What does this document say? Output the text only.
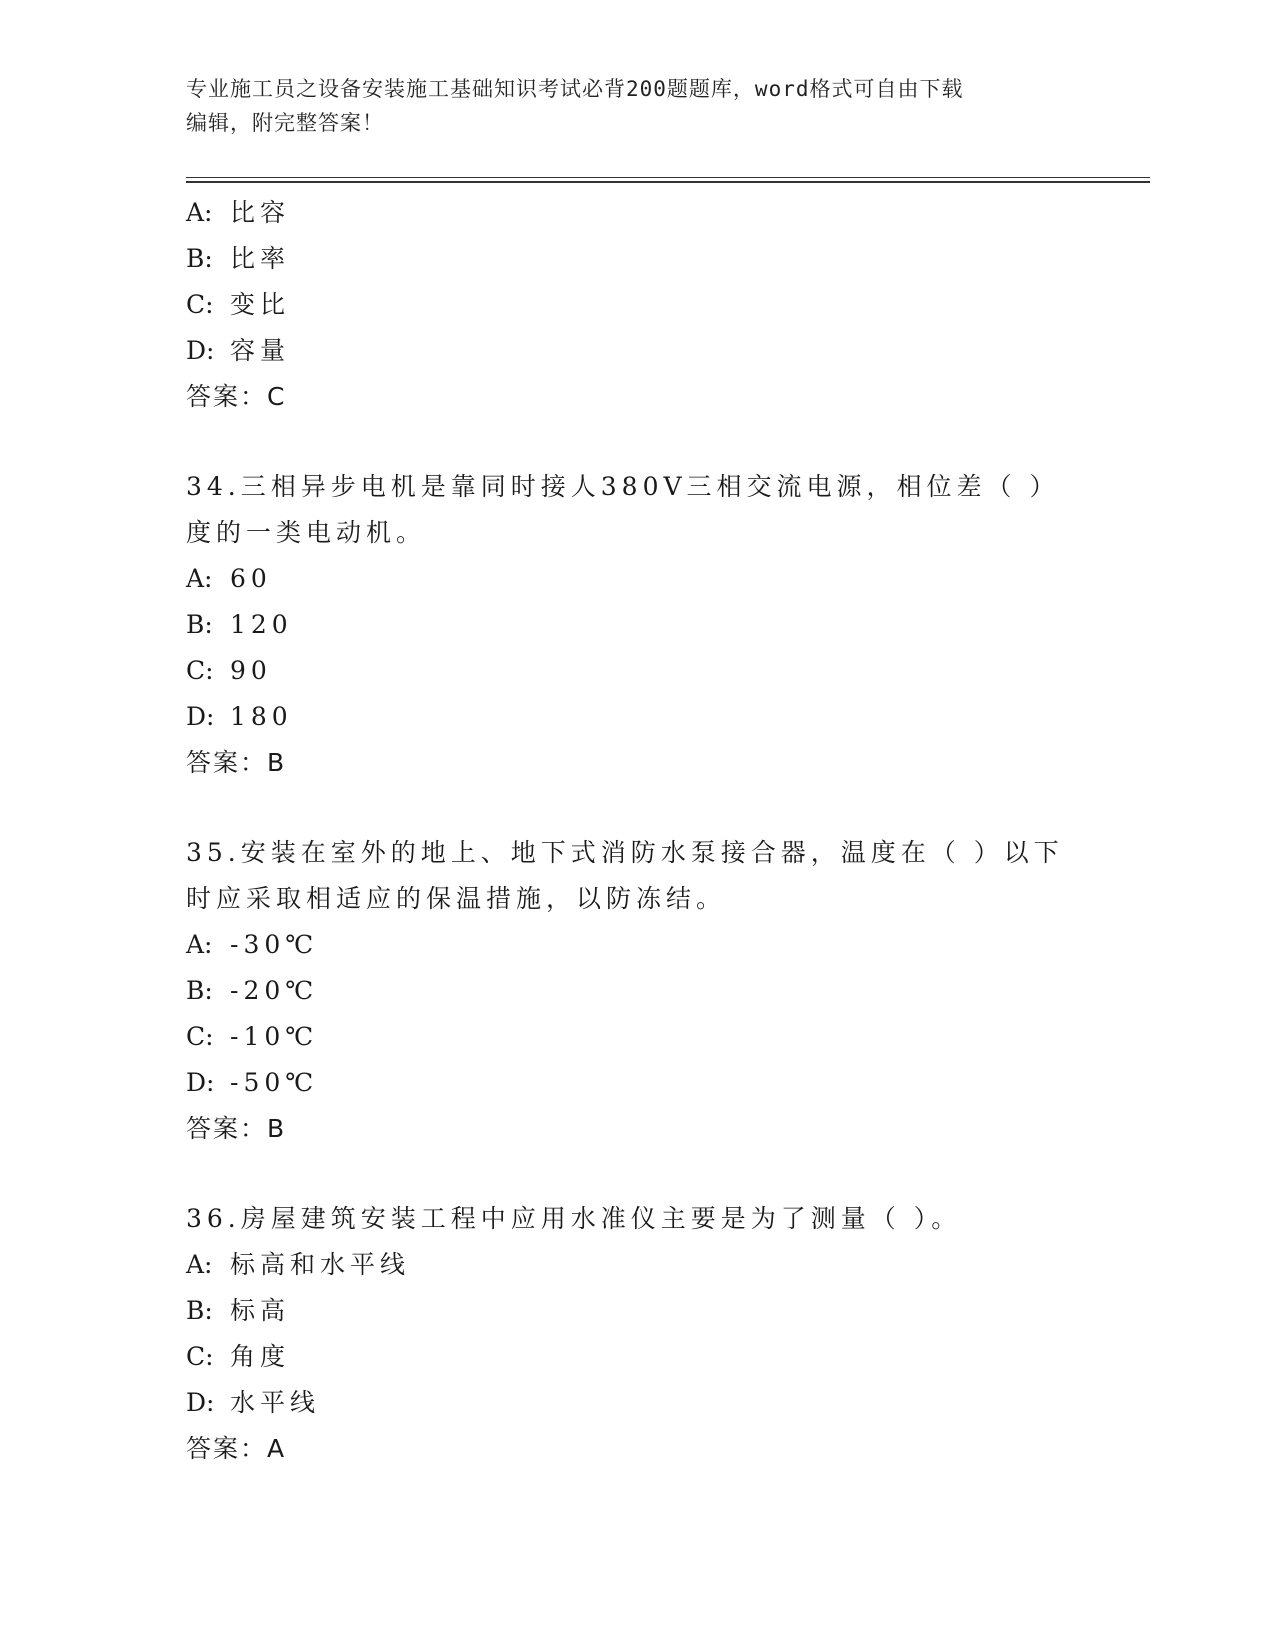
专业施工员之设备安装施工基础知识考试必背200题题库，word格式可自由下载
编辑，附完整答案！
A: 比容
B: 比率
C: 变比
D: 容量
答案：C
34.三相异步电机是靠同时接人380V三相交流电源，相位差（ ）度的一类电动机。
A: 60
B: 120
C: 90
D: 180
答案：B
35.安装在室外的地上、地下式消防水泵接合器，温度在（ ）以下时应采取相适应的保温措施，以防冻结。
A: -30℃
B: -20℃
C: -10℃
D: -50℃
答案：B
36.房屋建筑安装工程中应用水准仪主要是为了测量（ ）。
A: 标高和水平线
B: 标高
C: 角度
D: 水平线
答案：A
